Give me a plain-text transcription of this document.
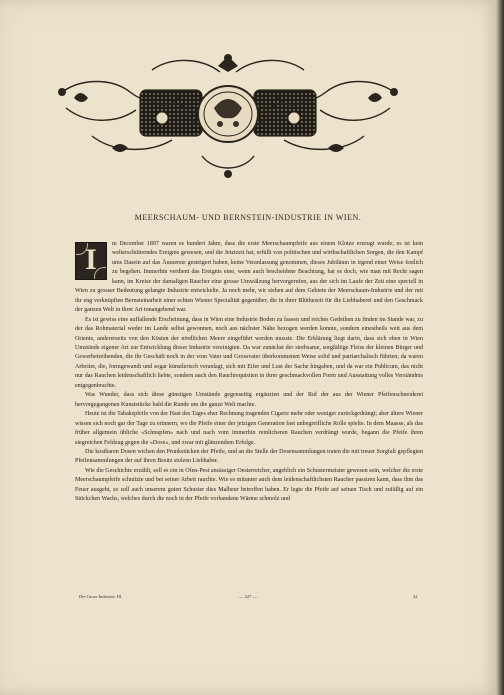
MEERSCHAUM- UND BERNSTEIN-INDUSTRIE IN WIEN.

I	m December 1897 waren es hundert Jahre, dass die erste Meerschaumpfeife aus einem Klotze erzeugt wurde; es ist kein welterschütterndes Ereignis gewesen, und die Jetztzeit hat, erfüllt von politischen und wirthschaftlichen Sorgen, die den Kampf ums Dasein auf das Äusserste gesteigert haben, keine Veranlassung genommen, dieses Jubiläum in irgend einer Weise festlich zu begehen. Immerhin verdient das Ereignis eine, wenn auch bescheidene Beachtung, hat es doch, wie man mit Recht sagen kann, im Kreise der damaligen Raucher eine grosse Umwälzung hervorgerufen, aus der sich im Laufe der Zeit eine speciell in Wien zu grosser Bedeutung gelangte Industrie entwickelte. Ja noch mehr, wir stehen auf dem Gebiete der Meerschaum-Industrie und der mit ihr eng verknüpften Bernsteinarbeit einer echten Wiener Specialität gegenüber, die in ihrer Blüthezeit für die Liebhaberei und den Geschmack der ganzen Welt in ihrer Art tonangebend war.

Es ist gewiss eine auffallende Erscheinung, dass in Wien eine Industrie Boden zu fassen und reiches Gedeihen zu finden im Stande war, zu der das Rohmaterial weder im Lande selbst gewonnen, noch aus nächster Nähe bezogen werden konnte, sondern einestheils weit aus dem Oriente, andererseits von den Küsten der nördlichen Meere eingeführt werden musste. Die Erklärung liegt darin, dass sich eben in Wien Umstände eigener Art zur Entwicklung dieser Industrie vereinigten. Da war zunächst der strebsame, sorgfältige Fleiss der kleinen Bürger und Gewerbetreibenden, die ihr Geschäft noch in der vom Vater und Grossvater überkommenen Weise solid und patriarchalisch führten; da waren Arbeiter, die, formgewandt und sogar künstlerisch veranlagt, sich mit Eifer und Lust der Sache hingaben, und da war ein Publicum, das nicht nur das Rauchen leidenschaftlich liebte, sondern auch den Rauchrequisiten in ihrer geschmackvollen Form und Ausstattung volles Verständnis entgegenbrachte.

Was Wunder, dass sich diese günstigen Umstände gegenseitig ergänzten und der Ruf der aus der Wiener Pfeifenschneiderei hervorgegangenen Kunststücke bald die Runde um die ganze Welt machte.

Heute ist die Tabakspfeife von der Hast des Tages eher Rechnung tragenden Cigarre mehr oder weniger zurückgedrängt; aber ältere Wiener wissen sich noch gar der Tage zu erinnern, wo die Pfeife einer der jetzigen Generation fast unbegreifliche Rolle spielte. In dem Maasse, als das früher allgemein übliche «Schnupfen» nach und nach vom immerhin reinlicheren Rauchen verdrängt wurde, begann die Pfeife ihren siegreichen Feldzug gegen die «Dose», und zwar mit glänzendem Erfolge.

Die kostbaren Dosen wichen den Prunkstücken der Pfeife, und an die Stelle der Dosensammlungen traten die mit treuer Sorgfalt gepflegten Pfeifensammlungen der auf ihren Besitz stolzen Liebhaber.

Wie die Geschichte erzählt, soll es ein in Ofen-Pest ansässiger Oesterreicher, angeblich ein Schustermeister gewesen sein, welcher die erste Meerschaumpfeife schnitzte und bei seiner Arbeit rauchte. Wie es mitunter auch dem leidenschaftlichsten Raucher passiren kann, dass ihm das Feuer ausgeht, so soll auch unserem guten Schuster dies Malheur betroffen haben. Er legte die Pfeife auf seinen Tisch und zufällig auf ein Stückchen Wachs, welches durch die noch in der Pfeife vorhandene Wärme schmolz und

Die Gross-Industrie. III.	— 227 —	42
